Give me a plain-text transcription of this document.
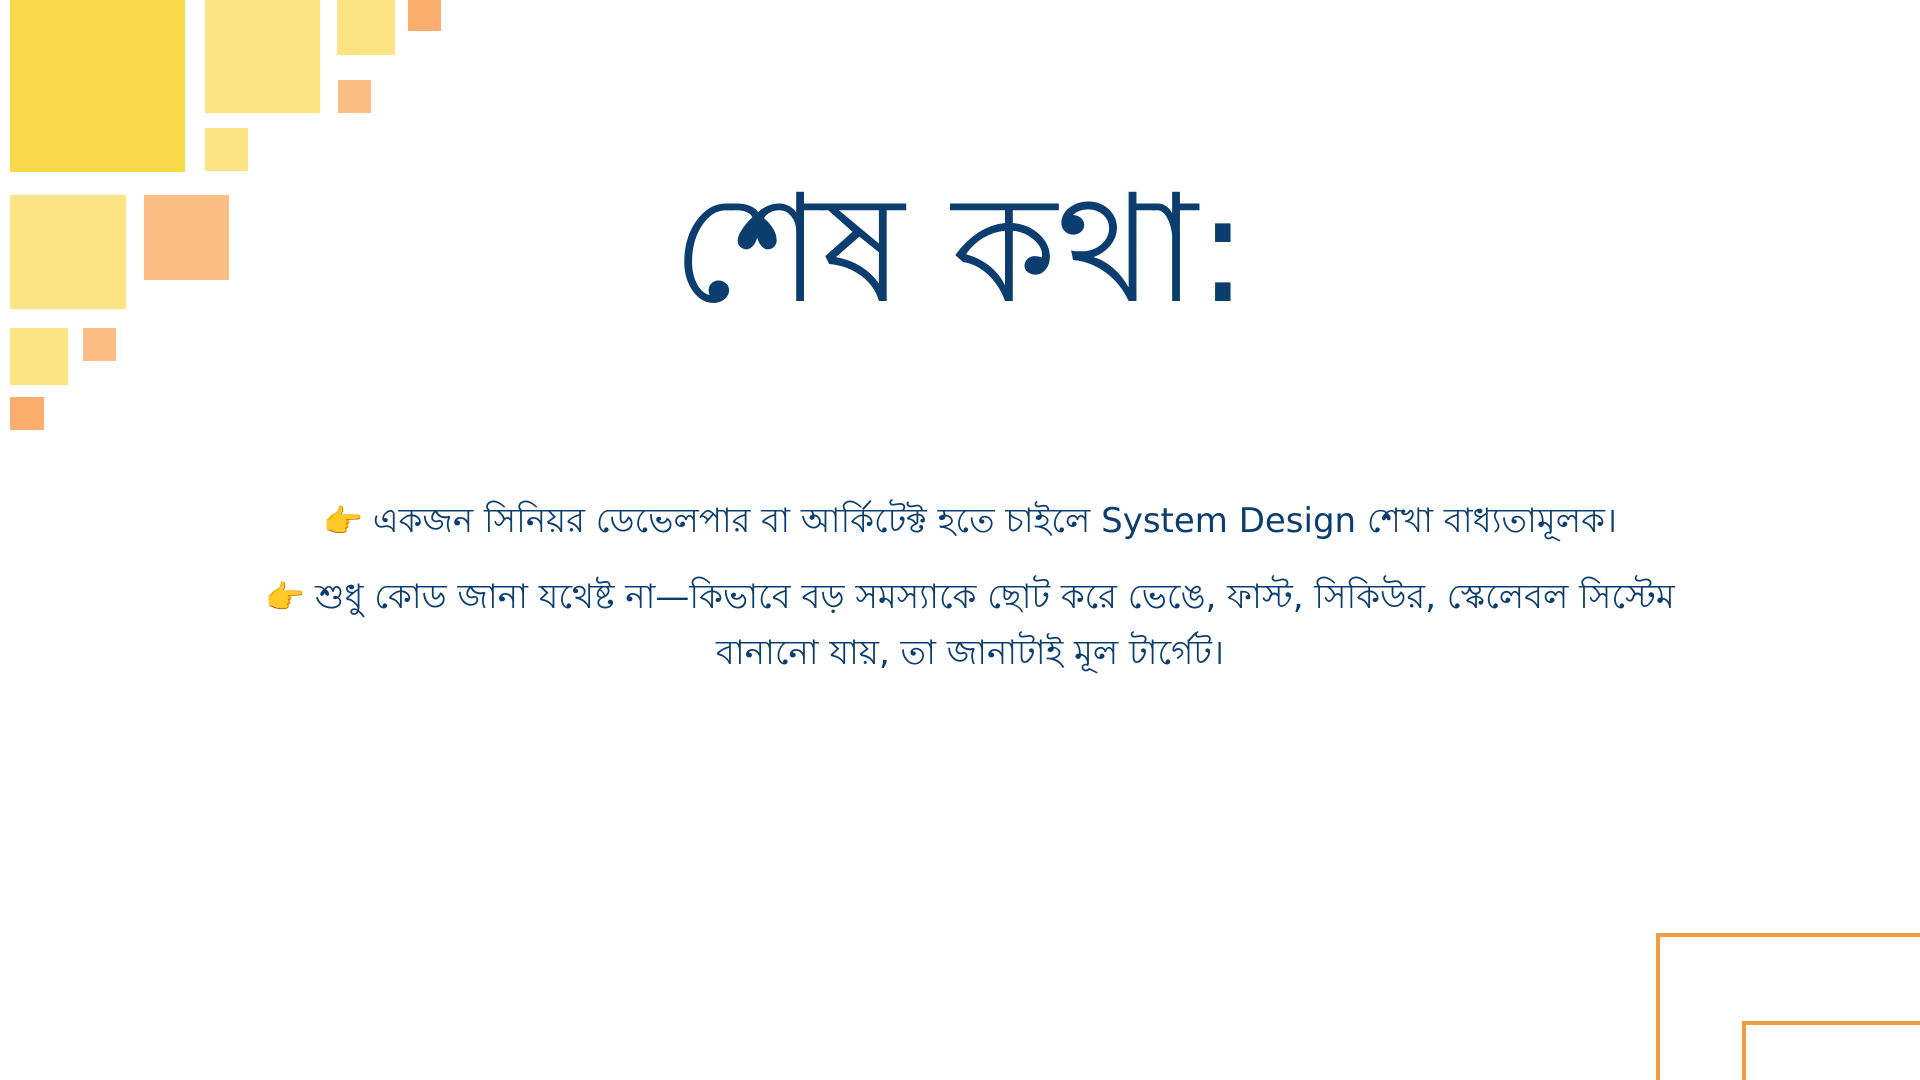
শেষ কথা:
👉 একজন সিনিয়র ডেভেলপার বা আর্কিটেক্ট হতে চাইলে System Design শেখা বাধ্যতামূলক।
👉 শুধু কোড জানা যথেষ্ট না—কিভাবে বড় সমস্যাকে ছোট করে ভেঙে, ফাস্ট, সিকিউর, স্কেলেবল সিস্টেম বানানো যায়, তা জানাটাই মূল টার্গেট।
